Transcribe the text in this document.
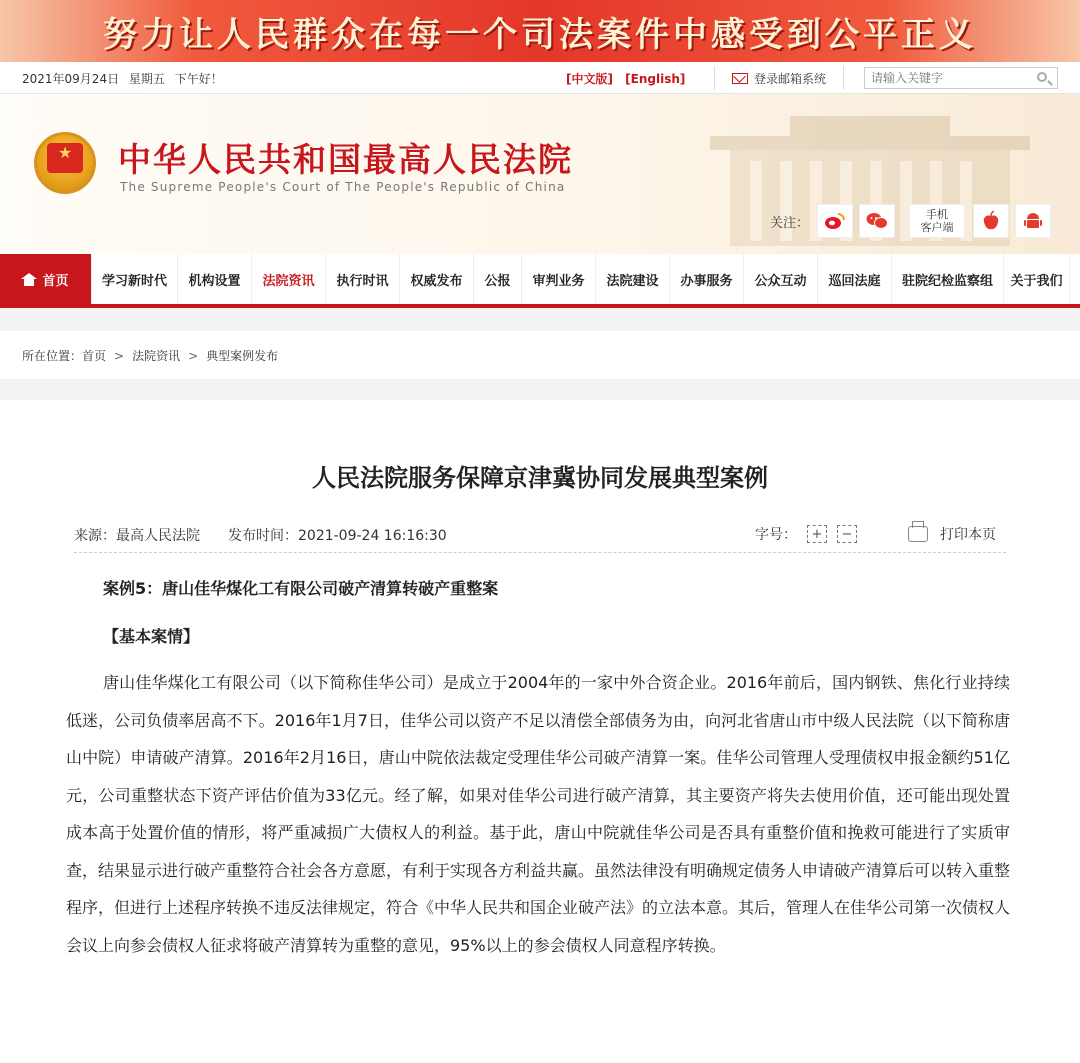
努力让人民群众在每一个司法案件中感受到公平正义
2021年09月24日 星期五 下午好！	[中文版] [English]	登录邮箱系统
请输入关键字
★
中华人民共和国最高人民法院
The Supreme People's Court of The People's Republic of China
关注：
手机
客户端
首页	学习新时代	机构设置	法院资讯	执行时讯	权威发布	公报	审判业务	法院建设	办事服务	公众互动	巡回法庭	驻院纪检监察组	关于我们
所在位置：首页 > 法院资讯 > 典型案例发布
人民法院服务保障京津冀协同发展典型案例
来源：最高人民法院 发布时间：2021-09-24 16:16:30	字号：	+	−	打印本页
案例5：唐山佳华煤化工有限公司破产清算转破产重整案
【基本案情】

唐山佳华煤化工有限公司（以下简称佳华公司）是成立于2004年的一家中外合资企业。2016年前后，国内钢铁、焦化行业持续低迷，公司负债率居高不下。2016年1月7日，佳华公司以资产不足以清偿全部债务为由，向河北省唐山市中级人民法院（以下简称唐山中院）申请破产清算。2016年2月16日，唐山中院依法裁定受理佳华公司破产清算一案。佳华公司管理人受理债权申报金额约51亿元，公司重整状态下资产评估价值为33亿元。经了解，如果对佳华公司进行破产清算，其主要资产将失去使用价值，还可能出现处置成本高于处置价值的情形，将严重减损广大债权人的利益。基于此，唐山中院就佳华公司是否具有重整价值和挽救可能进行了实质审查，结果显示进行破产重整符合社会各方意愿，有利于实现各方利益共赢。虽然法律没有明确规定债务人申请破产清算后可以转入重整程序，但进行上述程序转换不违反法律规定，符合《中华人民共和国企业破产法》的立法本意。其后，管理人在佳华公司第一次债权人会议上向参会债权人征求将破产清算转为重整的意见，95%以上的参会债权人同意程序转换。
